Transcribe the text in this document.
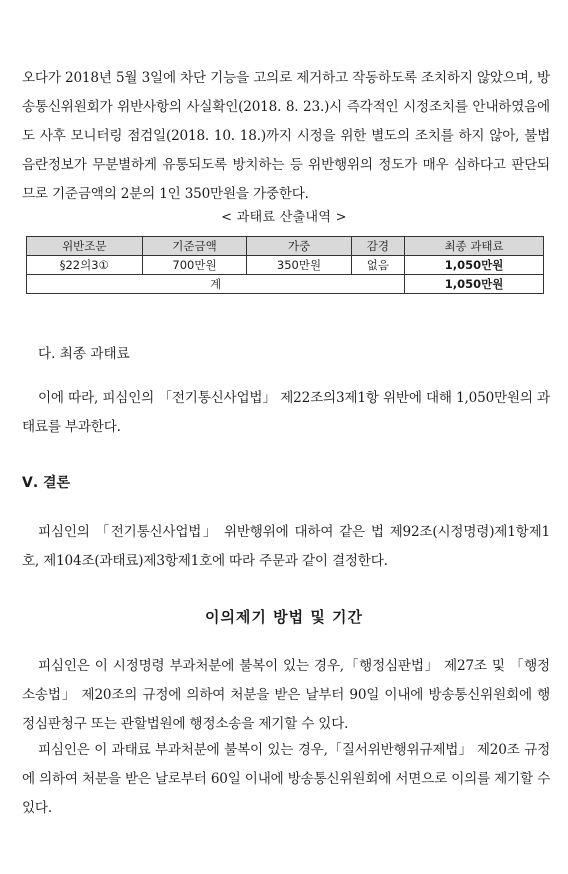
오다가 2018년 5월 3일에 차단 기능을 고의로 제거하고 작동하도록 조치하지 않았으며, 방송통신위원회가 위반사항의 사실확인(2018. 8. 23.)시 즉각적인 시정조치를 안내하였음에도 사후 모니터링 점검일(2018. 10. 18.)까지 시정을 위한 별도의 조치를 하지 않아, 불법음란정보가 무분별하게 유통되도록 방치하는 등 위반행위의 정도가 매우 심하다고 판단되므로 기준금액의 2분의 1인 350만원을 가중한다.

< 과태료 산출내역 >
위반조문	기준금액	가중	감경	최종 과태료
§22의3①	700만원	350만원	없음	1,050만원
계				1,050만원
다. 최종 과태료

이에 따라, 피심인의 「전기통신사업법」 제22조의3제1항 위반에 대해 1,050만원의 과태료를 부과한다.

Ⅴ. 결론

피심인의 「전기통신사업법」 위반행위에 대하여 같은 법 제92조(시정명령)제1항제1호, 제104조(과태료)제3항제1호에 따라 주문과 같이 결정한다.

이의제기 방법 및 기간

피심인은 이 시정명령 부과처분에 불복이 있는 경우,「행정심판법」 제27조 및 「행정소송법」 제20조의 규정에 의하여 처분을 받은 날부터 90일 이내에 방송통신위원회에 행정심판청구 또는 관할법원에 행정소송을 제기할 수 있다.

피심인은 이 과태료 부과처분에 불복이 있는 경우,「질서위반행위규제법」 제20조 규정에 의하여 처분을 받은 날로부터 60일 이내에 방송통신위원회에 서면으로 이의를 제기할 수 있다.
